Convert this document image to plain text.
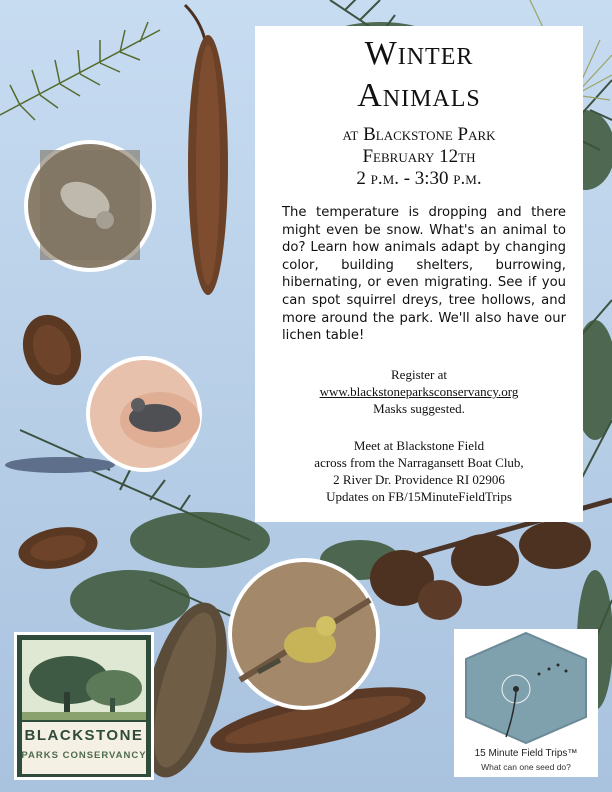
Winter
Animals
at Blackstone Park
February 12th
2 p.m. - 3:30 p.m.
The temperature is dropping and there might even be snow. What's an animal to do? Learn how animals adapt by changing color, building shelters, burrowing, hibernating, or even migrating. See if you can spot squirrel dreys, tree hollows, and more around the park. We'll also have our lichen table!
Register at
www.blackstoneparksconservancy.org
Masks suggested.
Meet at Blackstone Field
across from the Narragansett Boat Club,
2 River Dr. Providence RI 02906
Updates on FB/15MinuteFieldTrips
BLACKSTONE
PARKS CONSERVANCY	15 Minute Field Trips™
What can one seed do?
